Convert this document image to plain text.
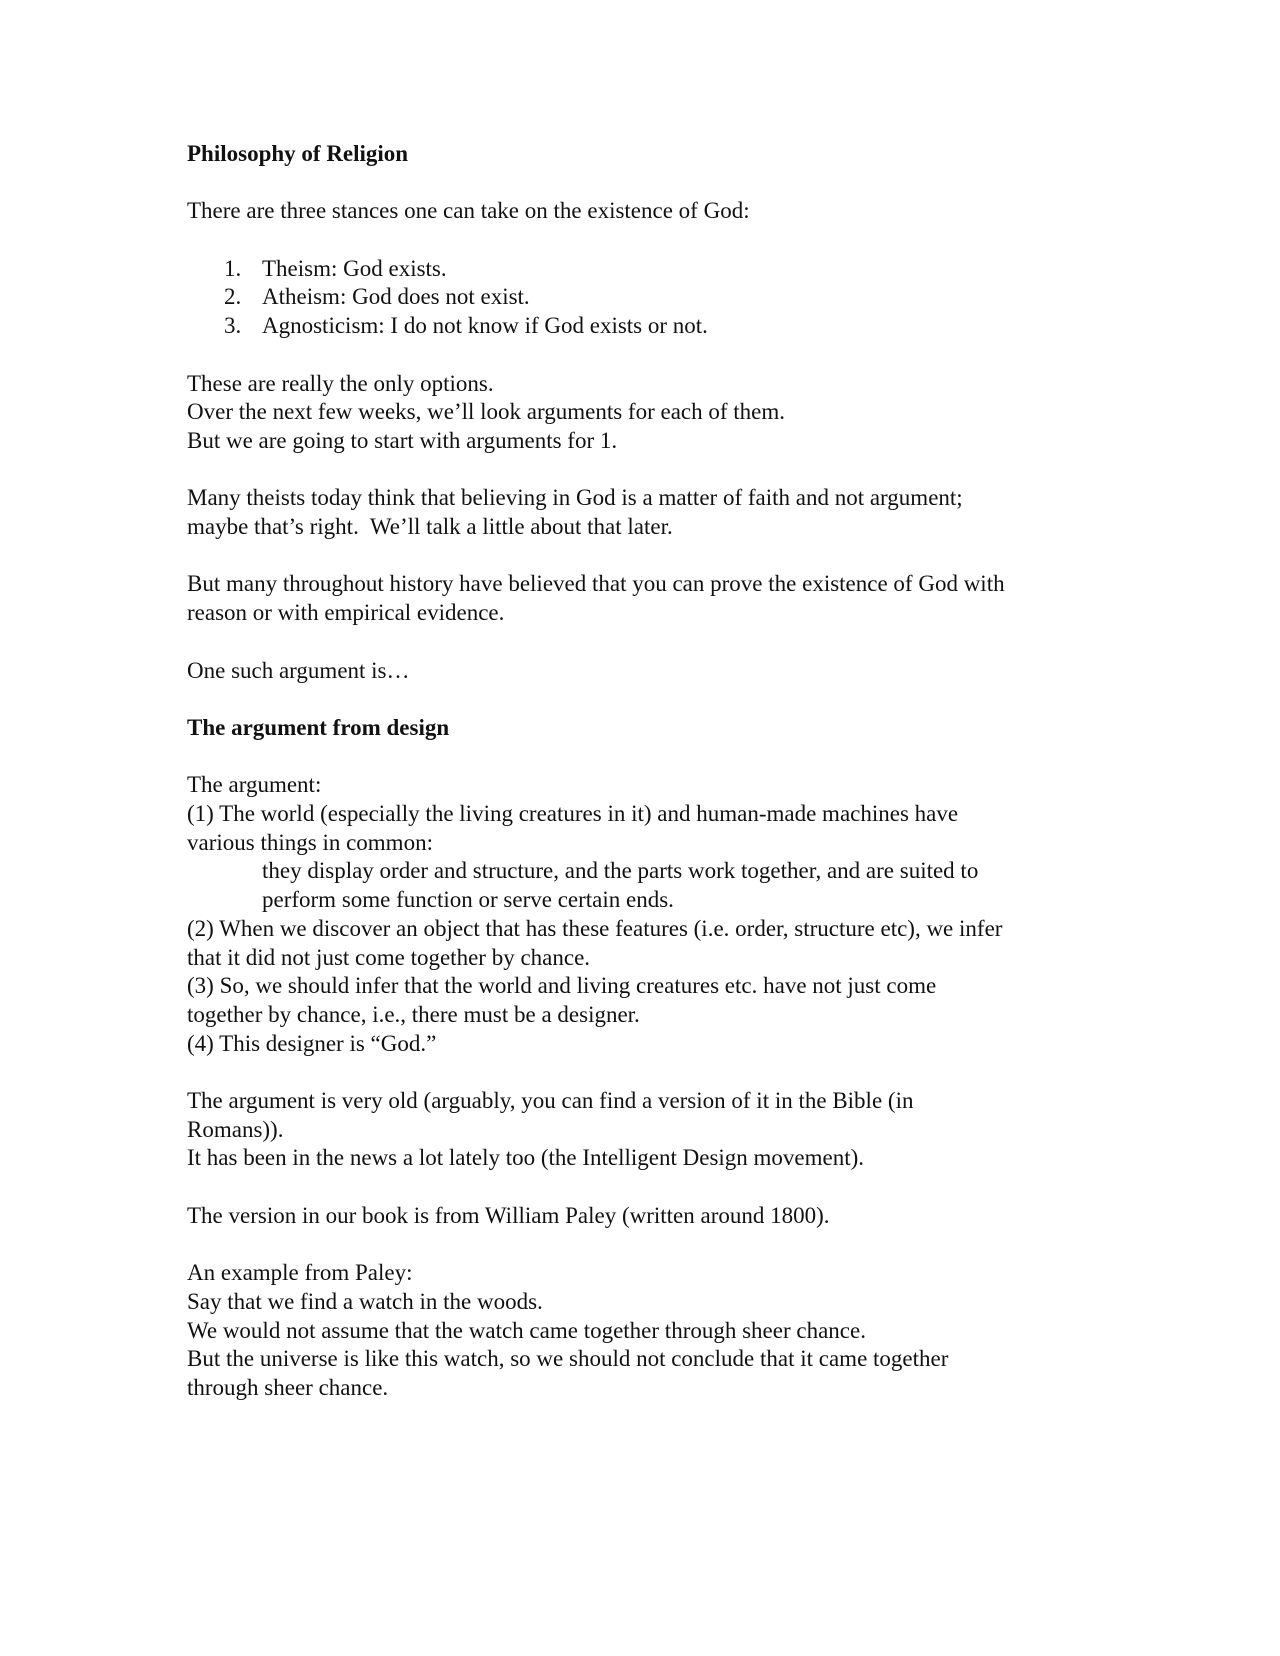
Philosophy of Religion
There are three stances one can take on the existence of God:
1. Theism: God exists.
2. Atheism: God does not exist.
3. Agnosticism: I do not know if God exists or not.
These are really the only options.
Over the next few weeks, we’ll look arguments for each of them.
But we are going to start with arguments for 1.
Many theists today think that believing in God is a matter of faith and not argument;
maybe that’s right.  We’ll talk a little about that later.
But many throughout history have believed that you can prove the existence of God with
reason or with empirical evidence.
One such argument is…
The argument from design
The argument:
(1) The world (especially the living creatures in it) and human-made machines have
various things in common:
they display order and structure, and the parts work together, and are suited to
perform some function or serve certain ends.
(2) When we discover an object that has these features (i.e. order, structure etc), we infer
that it did not just come together by chance.
(3) So, we should infer that the world and living creatures etc. have not just come
together by chance, i.e., there must be a designer.
(4) This designer is “God.”
The argument is very old (arguably, you can find a version of it in the Bible (in
Romans)).
It has been in the news a lot lately too (the Intelligent Design movement).
The version in our book is from William Paley (written around 1800).
An example from Paley:
Say that we find a watch in the woods.
We would not assume that the watch came together through sheer chance.
But the universe is like this watch, so we should not conclude that it came together
through sheer chance.
